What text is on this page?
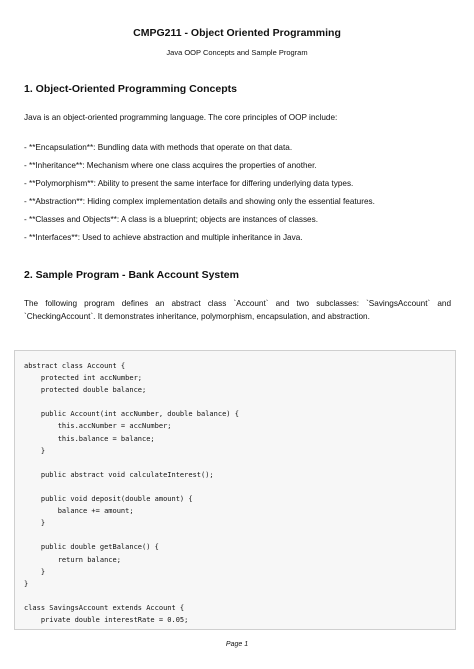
CMPG211 - Object Oriented Programming
Java OOP Concepts and Sample Program
1. Object-Oriented Programming Concepts
Java is an object-oriented programming language. The core principles of OOP include:
- **Encapsulation**: Bundling data with methods that operate on that data.
- **Inheritance**: Mechanism where one class acquires the properties of another.
- **Polymorphism**: Ability to present the same interface for differing underlying data types.
- **Abstraction**: Hiding complex implementation details and showing only the essential features.
- **Classes and Objects**: A class is a blueprint; objects are instances of classes.
- **Interfaces**: Used to achieve abstraction and multiple inheritance in Java.
2. Sample Program - Bank Account System
The following program defines an abstract class `Account` and two subclasses: `SavingsAccount` and `CheckingAccount`. It demonstrates inheritance, polymorphism, encapsulation, and abstraction.
abstract class Account {
protected int accNumber;
protected double balance;

public Account(int accNumber, double balance) {
this.accNumber = accNumber;
this.balance = balance;
}

public abstract void calculateInterest();

public void deposit(double amount) {
balance += amount;
}

public double getBalance() {
return balance;
}
}

class SavingsAccount extends Account {
private double interestRate = 0.05;

Page 1
